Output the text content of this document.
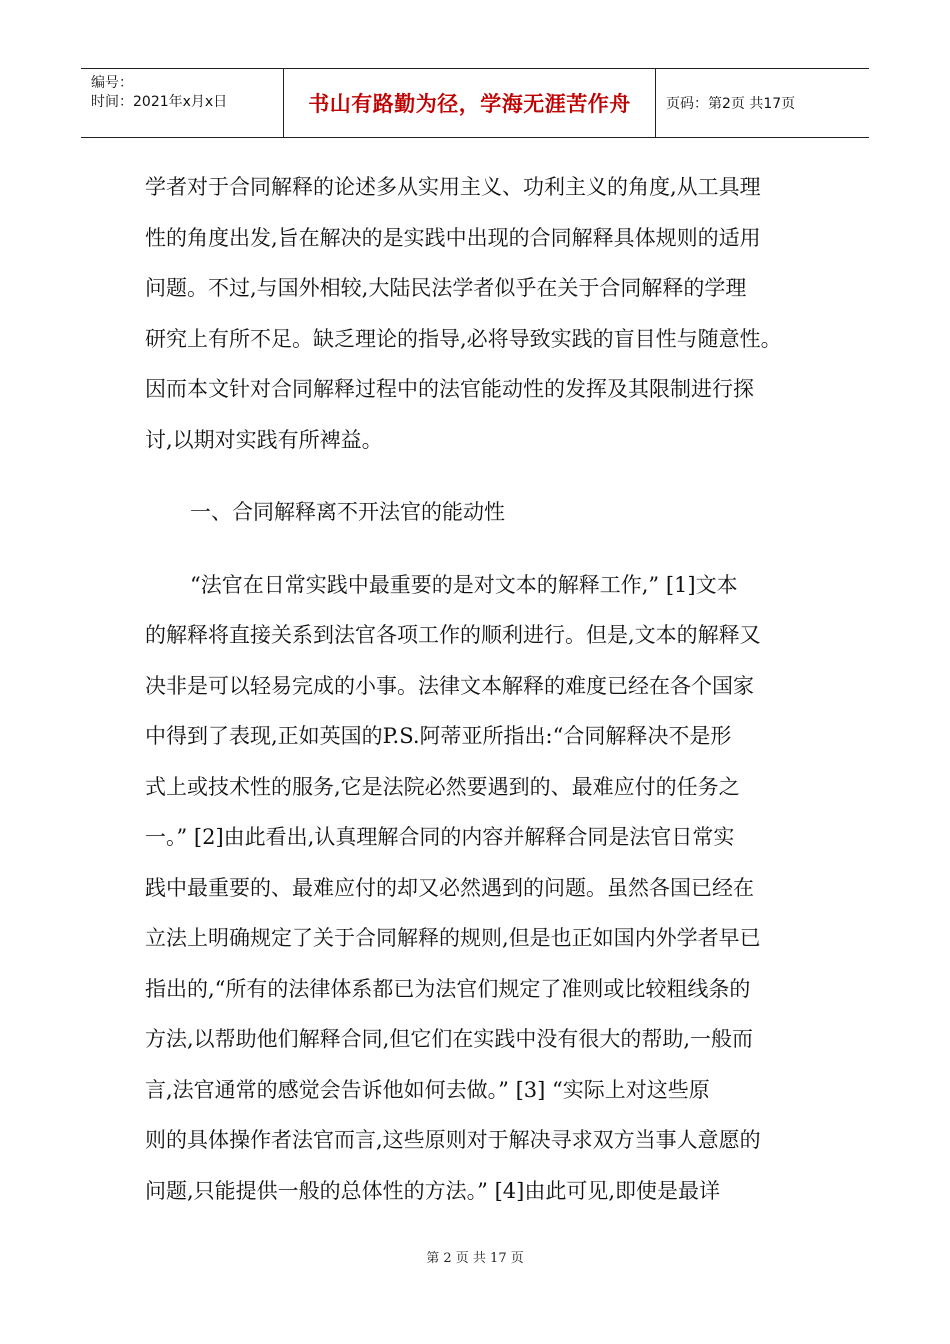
编号：
时间：2021年x月x日	书山有路勤为径，学海无涯苦作舟	页码：第2页 共17页

学者对于合同解释的论述多从实用主义、功利主义的角度,从工具理
性的角度出发,旨在解决的是实践中出现的合同解释具体规则的适用
问题。不过,与国外相较,大陆民法学者似乎在关于合同解释的学理
研究上有所不足。缺乏理论的指导,必将导致实践的盲目性与随意性。
因而本文针对合同解释过程中的法官能动性的发挥及其限制进行探
讨,以期对实践有所裨益。

一、合同解释离不开法官的能动性

“法官在日常实践中最重要的是对文本的解释工作,” [1]文本
的解释将直接关系到法官各项工作的顺利进行。但是,文本的解释又
决非是可以轻易完成的小事。法律文本解释的难度已经在各个国家
中得到了表现,正如英国的P.S.阿蒂亚所指出:“合同解释决不是形
式上或技术性的服务,它是法院必然要遇到的、最难应付的任务之
一。” [2]由此看出,认真理解合同的内容并解释合同是法官日常实
践中最重要的、最难应付的却又必然遇到的问题。虽然各国已经在
立法上明确规定了关于合同解释的规则,但是也正如国内外学者早已
指出的,“所有的法律体系都已为法官们规定了准则或比较粗线条的
方法,以帮助他们解释合同,但它们在实践中没有很大的帮助,一般而
言,法官通常的感觉会告诉他如何去做。” [3] “实际上对这些原
则的具体操作者法官而言,这些原则对于解决寻求双方当事人意愿的
问题,只能提供一般的总体性的方法。” [4]由此可见,即使是最详

第 2 页 共 17 页
